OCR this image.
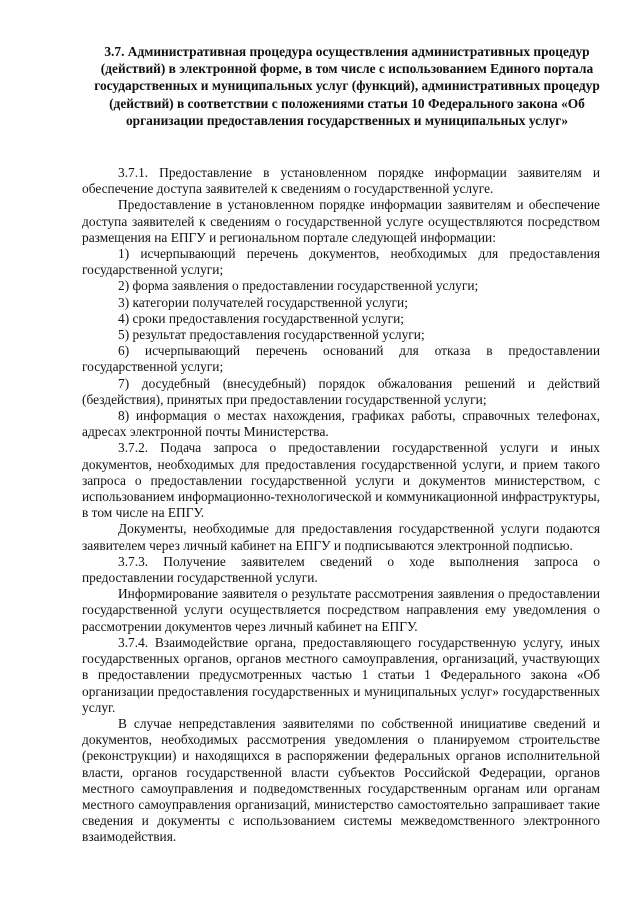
3.7. Административная процедура осуществления административных процедур (действий) в электронной форме, в том числе с использованием Единого портала государственных и муниципальных услуг (функций), административных процедур (действий) в соответствии с положениями статьи 10 Федерального закона «Об организации предоставления государственных и муниципальных услуг»

3.7.1. Предоставление в установленном порядке информации заявителям и обеспечение доступа заявителей к сведениям о государственной услуге.

Предоставление в установленном порядке информации заявителям и обеспечение доступа заявителей к сведениям о государственной услуге осуществляются посредством размещения на ЕПГУ и региональном портале следующей информации:

1) исчерпывающий перечень документов, необходимых для предоставления государственной услуги;

2) форма заявления о предоставлении государственной услуги;

3) категории получателей государственной услуги;

4) сроки предоставления государственной услуги;

5) результат предоставления государственной услуги;

6) исчерпывающий перечень оснований для отказа в предоставлении государственной услуги;

7) досудебный (внесудебный) порядок обжалования решений и действий (бездействия), принятых при предоставлении государственной услуги;

8) информация о местах нахождения, графиках работы, справочных телефонах, адресах электронной почты Министерства.

3.7.2. Подача запроса о предоставлении государственной услуги и иных документов, необходимых для предоставления государственной услуги, и прием такого запроса о предоставлении государственной услуги и документов министерством, с использованием информационно-технологической и коммуникационной инфраструктуры, в том числе на ЕПГУ.

Документы, необходимые для предоставления государственной услуги подаются заявителем через личный кабинет на ЕПГУ и подписываются электронной подписью.

3.7.3. Получение заявителем сведений о ходе выполнения запроса о предоставлении государственной услуги.

Информирование заявителя о результате рассмотрения заявления о предоставлении государственной услуги осуществляется посредством направления ему уведомления о рассмотрении документов через личный кабинет на ЕПГУ.

3.7.4. Взаимодействие органа, предоставляющего государственную услугу, иных государственных органов, органов местного самоуправления, организаций, участвующих в предоставлении предусмотренных частью 1 статьи 1 Федерального закона «Об организации предоставления государственных и муниципальных услуг» государственных услуг.

В случае непредставления заявителями по собственной инициативе сведений и документов, необходимых рассмотрения уведомления о планируемом строительстве (реконструкции) и находящихся в распоряжении федеральных органов исполнительной власти, органов государственной власти субъектов Российской Федерации, органов местного самоуправления и подведомственных государственным органам или органам местного самоуправления организаций, министерство самостоятельно запрашивает такие сведения и документы с использованием системы межведомственного электронного взаимодействия.
